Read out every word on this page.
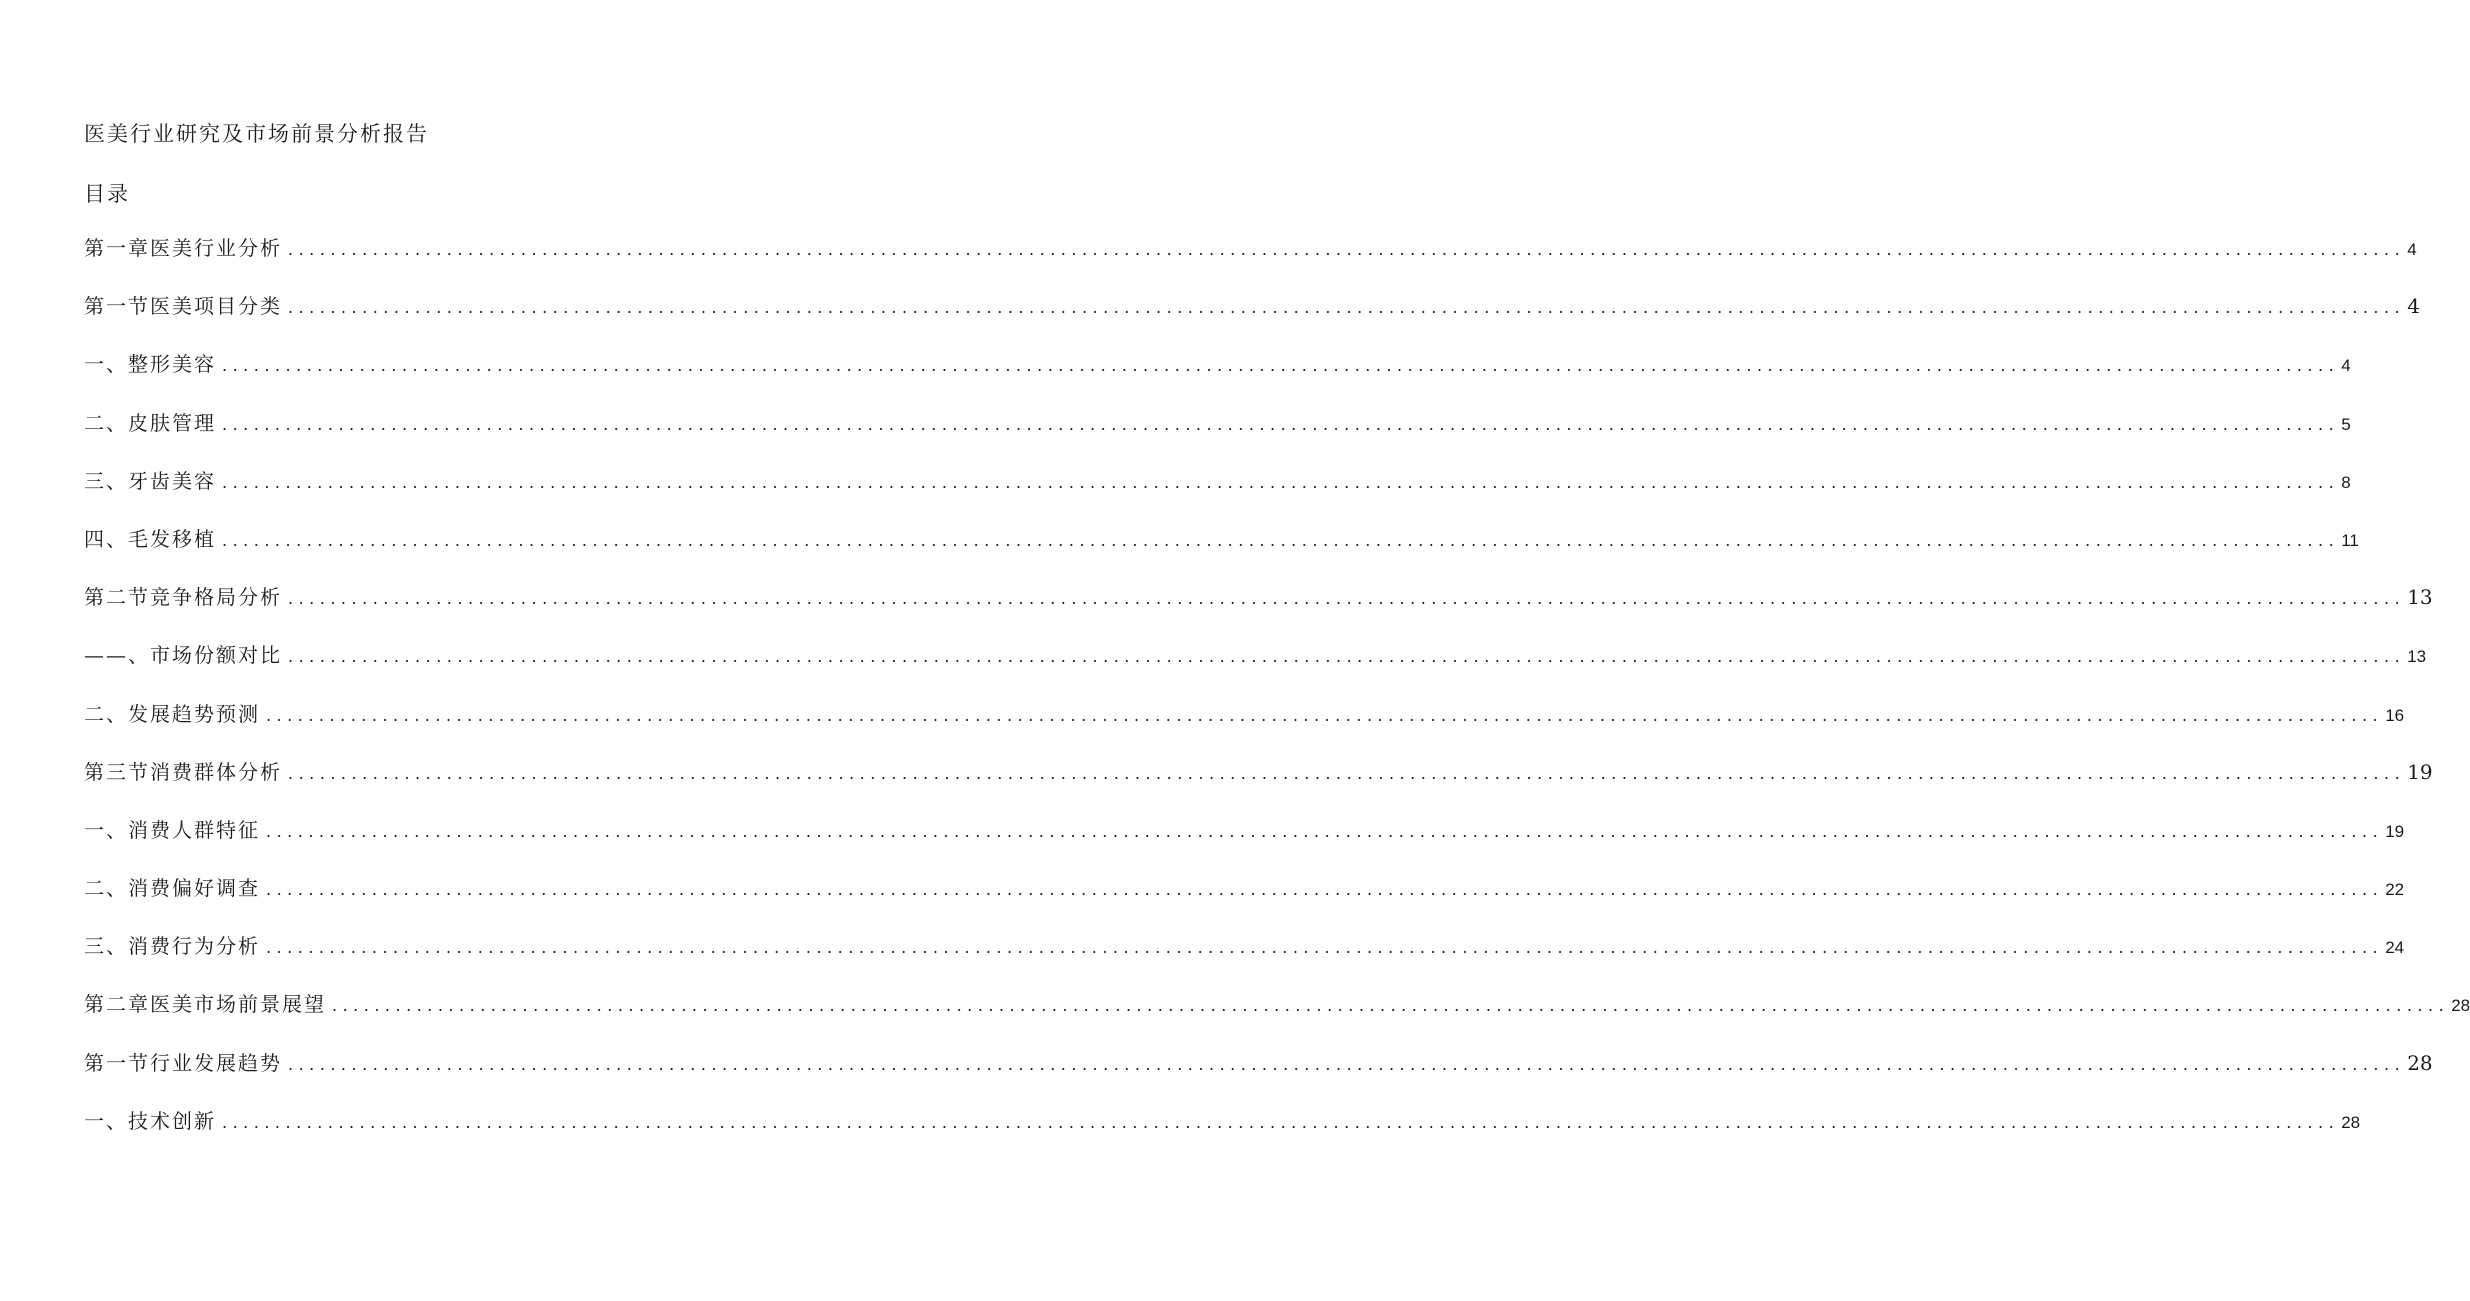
医美行业研究及市场前景分析报告
目录
第一章医美行业分析 ........................................................................................................................................................................................................ 4
第一节医美项目分类 ........................................................................................................................................................................................................ 4
一、整形美容 ........................................................................................................................................................................................................ 4
二、皮肤管理 ........................................................................................................................................................................................................ 5
三、牙齿美容 ........................................................................................................................................................................................................ 8
四、毛发移植 ........................................................................................................................................................................................................ 11
第二节竞争格局分析 ........................................................................................................................................................................................................ 13
——、市场份额对比 ........................................................................................................................................................................................................ 13
二、发展趋势预测 ........................................................................................................................................................................................................ 16
第三节消费群体分析 ........................................................................................................................................................................................................ 19
一、消费人群特征 ........................................................................................................................................................................................................ 19
二、消费偏好调查 ........................................................................................................................................................................................................ 22
三、消费行为分析 ........................................................................................................................................................................................................ 24
第二章医美市场前景展望 ........................................................................................................................................................................................................ 28
第一节行业发展趋势 ........................................................................................................................................................................................................ 28
一、技术创新 ........................................................................................................................................................................................................ 28
